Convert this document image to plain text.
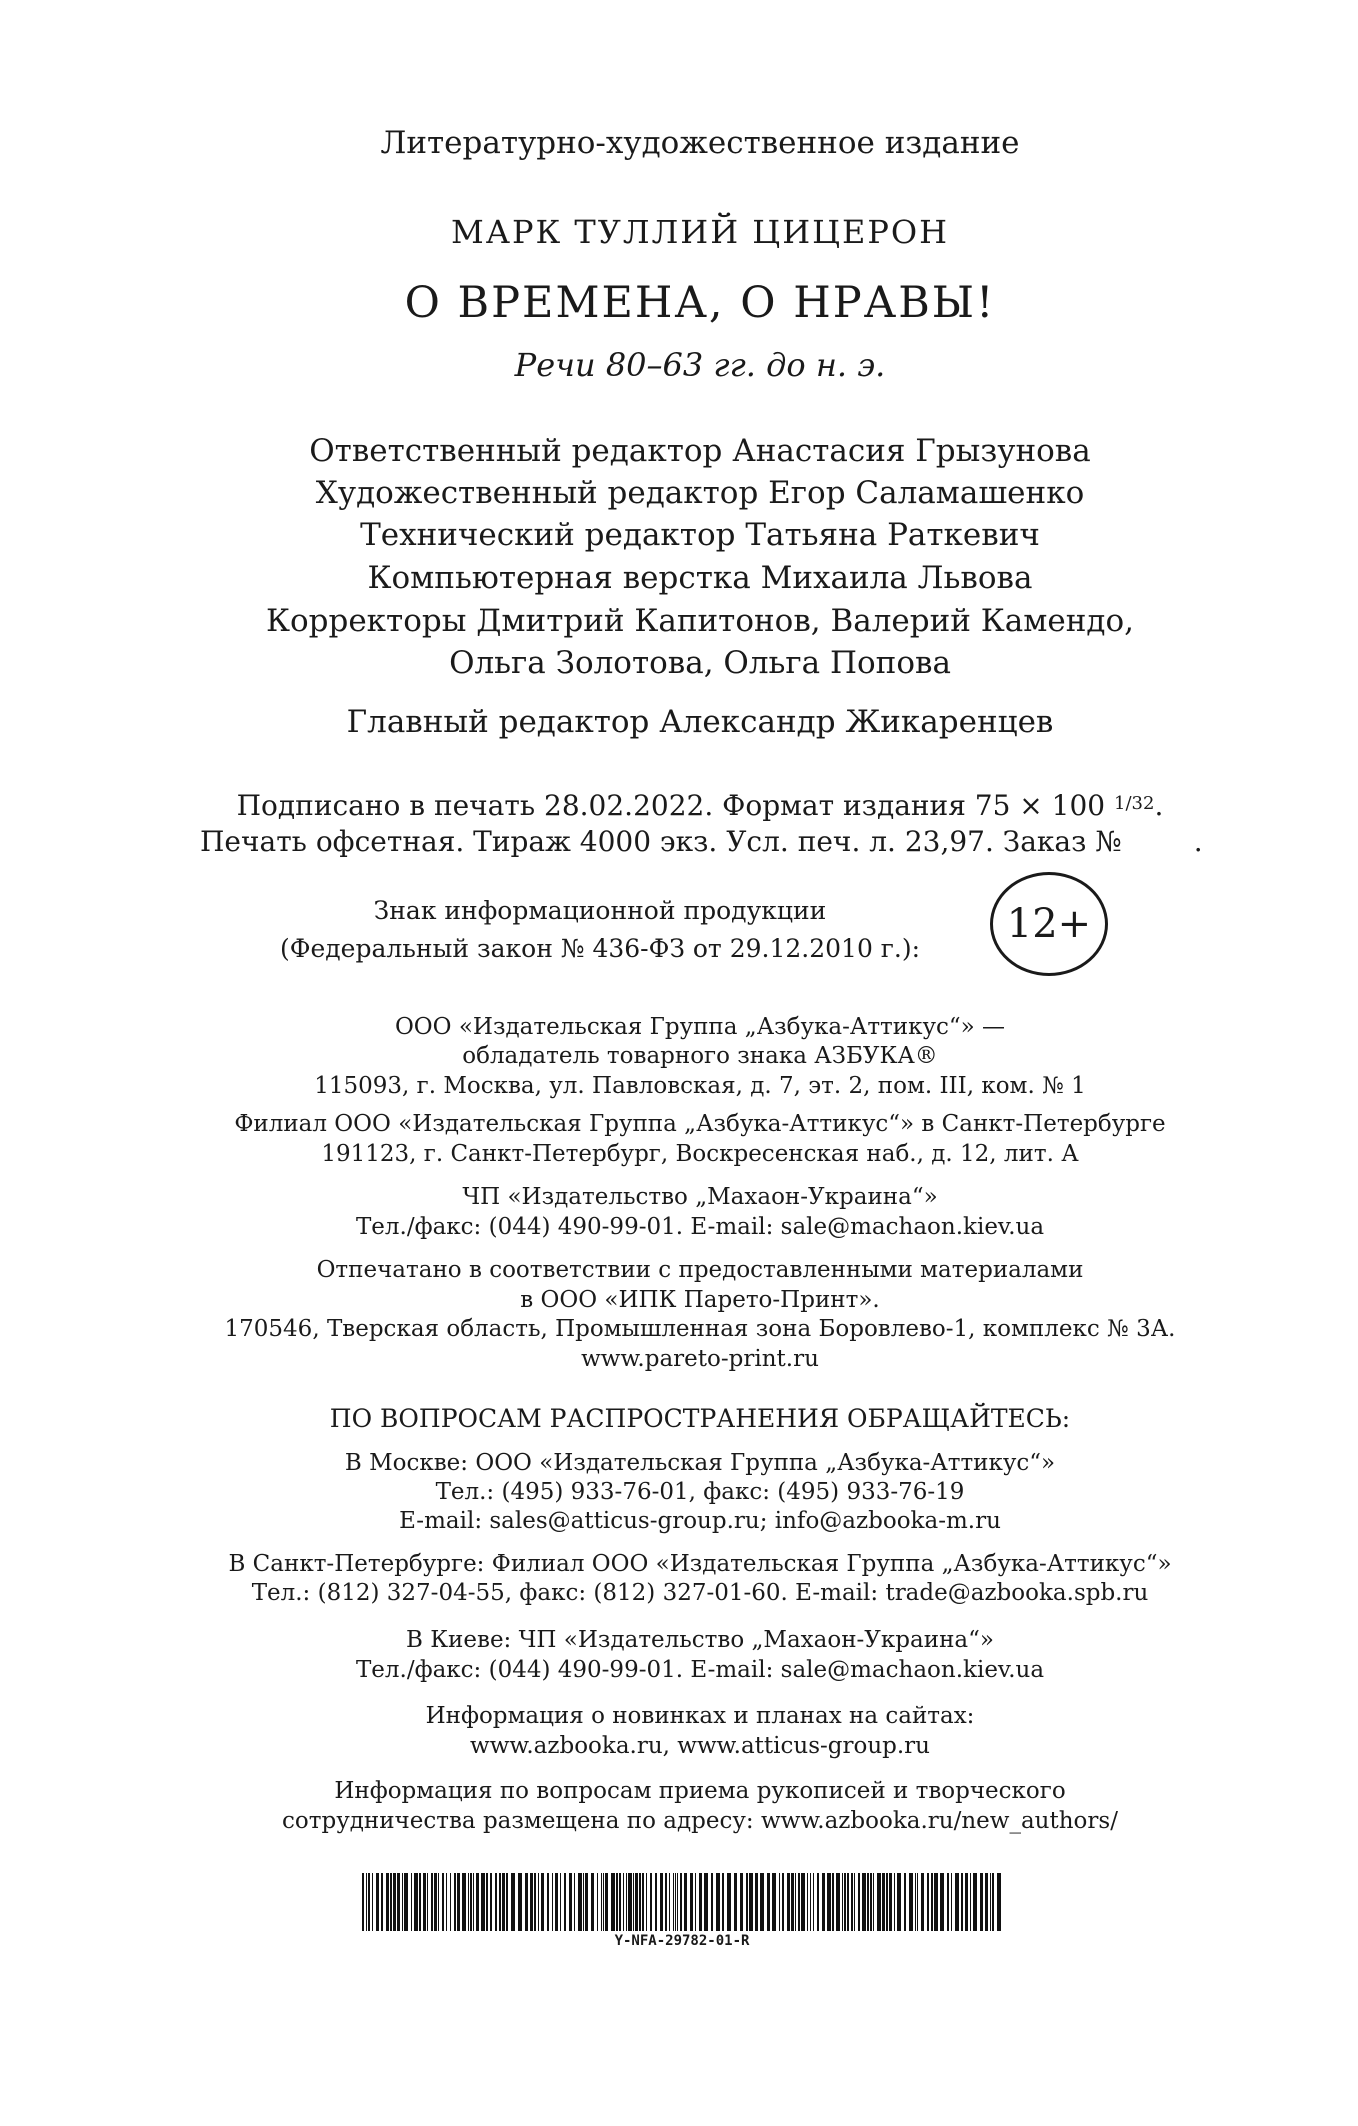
Литературно-художественное издание
МАРК ТУЛЛИЙ ЦИЦЕРОН
О ВРЕМЕНА, О НРАВЫ!
Речи 80–63 гг. до н. э.
Ответственный редактор Анастасия Грызунова
Художественный редактор Егор Саламашенко
Технический редактор Татьяна Раткевич
Компьютерная верстка Михаила Львова
Корректоры Дмитрий Капитонов, Валерий Камендо,
Ольга Золотова, Ольга Попова
Главный редактор Александр Жикаренцев
Подписано в печать 28.02.2022. Формат издания 75 × 100 $^{1/32}$.
Печать офсетная. Тираж 4000 экз. Усл. печ. л. 23,97. Заказ №	.
Знак информационной продукции
(Федеральный закон № 436-ФЗ от 29.12.2010 г.):
12+
ООО «Издательская Группа „Азбука-Аттикус“» —
обладатель товарного знака АЗБУКА®
115093, г. Москва, ул. Павловская, д. 7, эт. 2, пом. III, ком. № 1
Филиал ООО «Издательская Группа „Азбука-Аттикус“» в Санкт-Петербурге
191123, г. Санкт-Петербург, Воскресенская наб., д. 12, лит. А
ЧП «Издательство „Махаон-Украина“»
Тел./факс: (044) 490-99-01. E-mail: sale@machaon.kiev.ua
Отпечатано в соответствии с предоставленными материалами
в ООО «ИПК Парето-Принт».
170546, Тверская область, Промышленная зона Боровлево-1, комплекс № 3А.
www.pareto-print.ru
ПО ВОПРОСАМ РАСПРОСТРАНЕНИЯ ОБРАЩАЙТЕСЬ:
В Москве: ООО «Издательская Группа „Азбука-Аттикус“»
Тел.: (495) 933-76-01, факс: (495) 933-76-19
E-mail: sales@atticus-group.ru; info@azbooka-m.ru
В Санкт-Петербурге: Филиал ООО «Издательская Группа „Азбука-Аттикус“»
Тел.: (812) 327-04-55, факс: (812) 327-01-60. E-mail: trade@azbooka.spb.ru
В Киеве: ЧП «Издательство „Махаон-Украина“»
Тел./факс: (044) 490-99-01. E-mail: sale@machaon.kiev.ua
Информация о новинках и планах на сайтах:
www.azbooka.ru, www.atticus-group.ru
Информация по вопросам приема рукописей и творческого
сотрудничества размещена по адресу: www.azbooka.ru/new_authors/
Y-NFA-29782-01-R
